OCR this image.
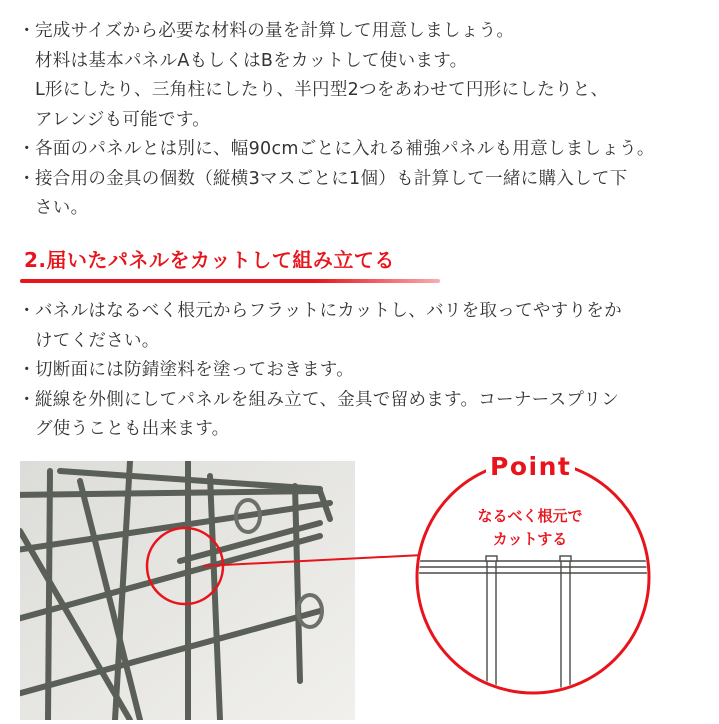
・ 完成サイズから必要な材料の量を計算して用意しましょう。
材料は基本パネルAもしくはBをカットして使います。
L形にしたり、三角柱にしたり、半円型2つをあわせて円形にしたりと、
アレンジも可能です。
・ 各面のパネルとは別に、幅90cmごとに入れる補強パネルも用意しましょう。
・ 接合用の金具の個数（縦横3マスごとに1個）も計算して一緒に購入して下
さい。
2.届いたパネルをカットして組み立てる
・ バネルはなるべく根元からフラットにカットし、バリを取ってやすりをか
けてください。
・ 切断面には防錆塗料を塗っておきます。
・ 縦線を外側にしてパネルを組み立て、金具で留めます。コーナースプリン
グ使うことも出来ます。
Point
なるべく根元で
カットする
